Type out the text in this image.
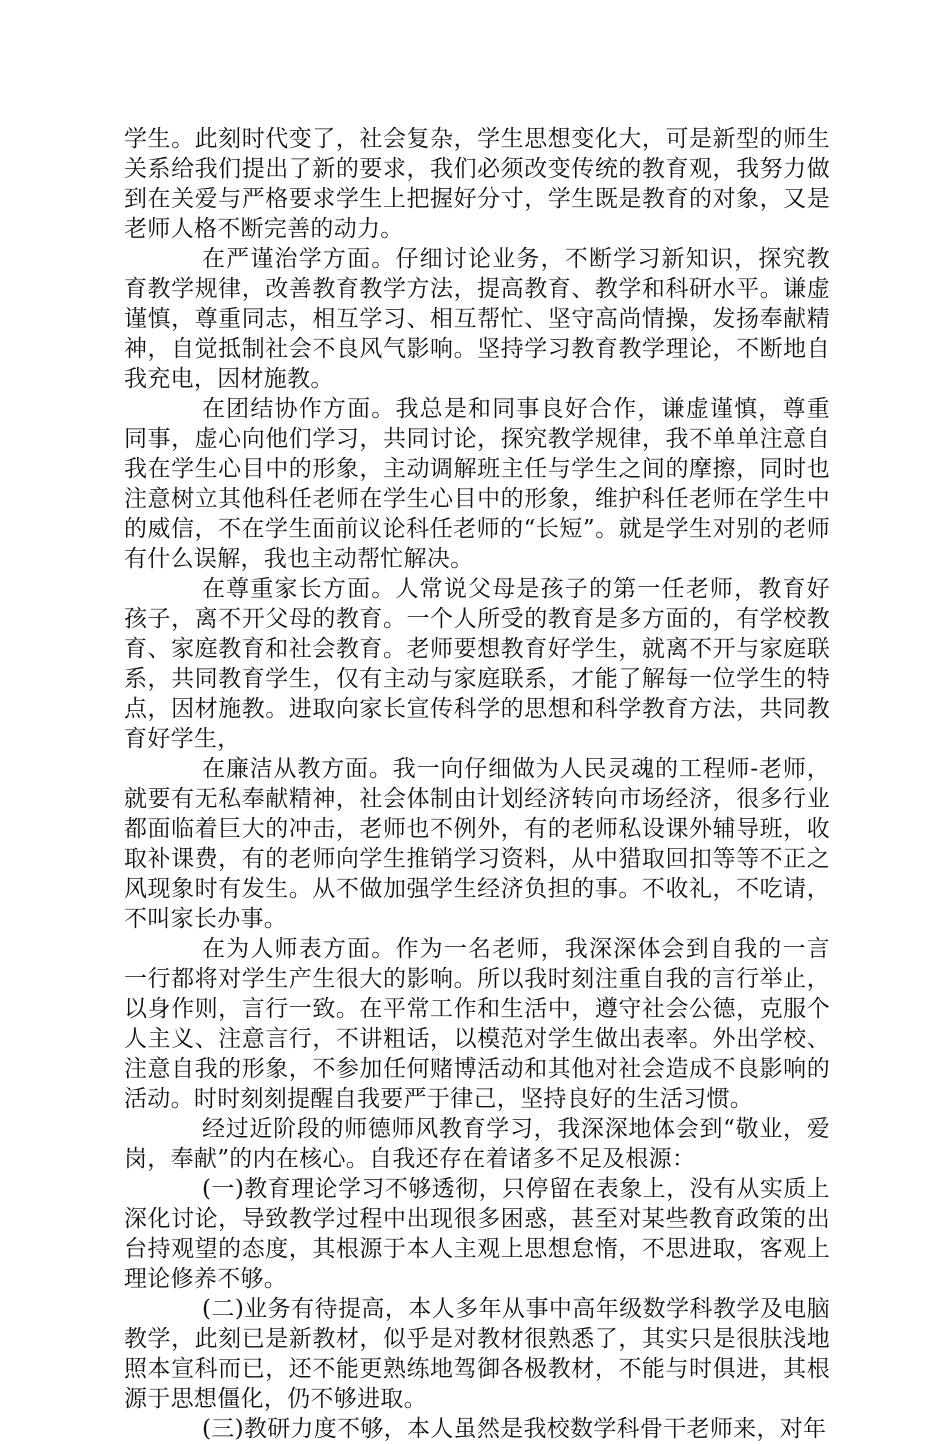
学生。此刻时代变了，社会复杂，学生思想变化大，可是新型的师生关系给我们提出了新的要求，我们必须改变传统的教育观，我努力做到在关爱与严格要求学生上把握好分寸，学生既是教育的对象，又是老师人格不断完善的动力。

在严谨治学方面。仔细讨论业务，不断学习新知识，探究教育教学规律，改善教育教学方法，提高教育、教学和科研水平。谦虚谨慎，尊重同志，相互学习、相互帮忙、坚守高尚情操，发扬奉献精神，自觉抵制社会不良风气影响。坚持学习教育教学理论，不断地自我充电，因材施教。

在团结协作方面。我总是和同事良好合作，谦虚谨慎，尊重同事，虚心向他们学习，共同讨论，探究教学规律，我不单单注意自我在学生心目中的形象，主动调解班主任与学生之间的摩擦，同时也注意树立其他科任老师在学生心目中的形象，维护科任老师在学生中的威信，不在学生面前议论科任老师的“长短”。就是学生对别的老师有什么误解，我也主动帮忙解决。

在尊重家长方面。人常说父母是孩子的第一任老师，教育好孩子，离不开父母的教育。一个人所受的教育是多方面的，有学校教育、家庭教育和社会教育。老师要想教育好学生，就离不开与家庭联系，共同教育学生，仅有主动与家庭联系，才能了解每一位学生的特点，因材施教。进取向家长宣传科学的思想和科学教育方法，共同教育好学生，

在廉洁从教方面。我一向仔细做为人民灵魂的工程师-老师，就要有无私奉献精神，社会体制由计划经济转向市场经济，很多行业都面临着巨大的冲击，老师也不例外，有的老师私设课外辅导班，收取补课费，有的老师向学生推销学习资料，从中猎取回扣等等不正之风现象时有发生。从不做加强学生经济负担的事。不收礼，不吃请，不叫家长办事。

在为人师表方面。作为一名老师，我深深体会到自我的一言一行都将对学生产生很大的影响。所以我时刻注重自我的言行举止，以身作则，言行一致。在平常工作和生活中，遵守社会公德，克服个人主义、注意言行，不讲粗话，以模范对学生做出表率。外出学校、注意自我的形象，不参加任何赌博活动和其他对社会造成不良影响的活动。时时刻刻提醒自我要严于律己，坚持良好的生活习惯。

经过近阶段的师德师风教育学习，我深深地体会到“敬业，爱岗，奉献”的内在核心。自我还存在着诸多不足及根源：

(一)教育理论学习不够透彻，只停留在表象上，没有从实质上深化讨论，导致教学过程中出现很多困惑，甚至对某些教育政策的出台持观望的态度，其根源于本人主观上思想怠惰，不思进取，客观上理论修养不够。

(二)业务有待提高，本人多年从事中高年级数学科教学及电脑教学，此刻已是新教材，似乎是对教材很熟悉了，其实只是很肤浅地照本宣科而已，还不能更熟练地驾御各极教材，不能与时俱进，其根源于思想僵化，仍不够进取。

(三)教研力度不够，本人虽然是我校数学科骨干老师来，对年
